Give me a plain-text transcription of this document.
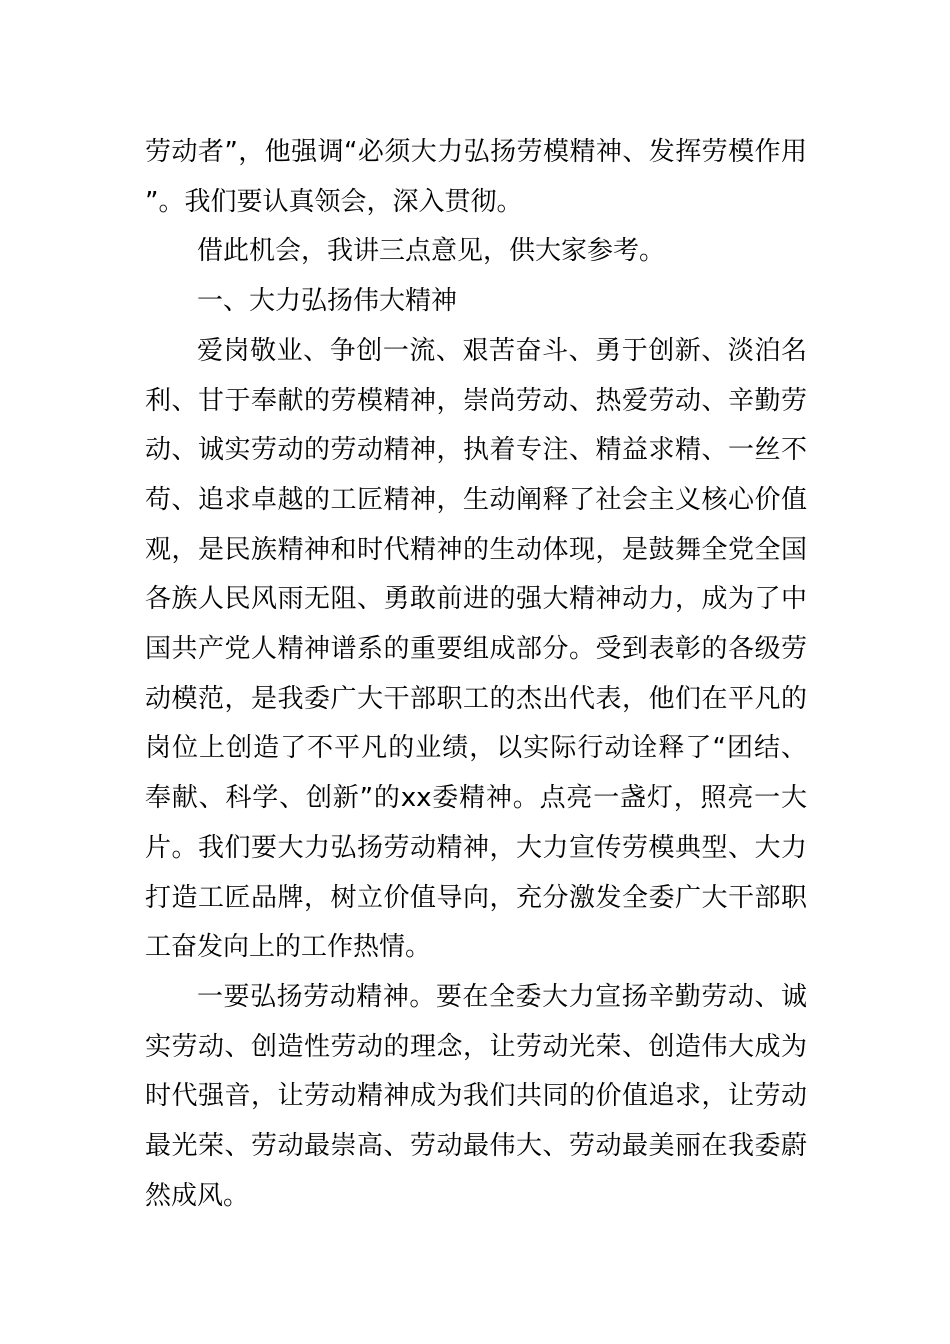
劳动者”，他强调“必须大力弘扬劳模精神、发挥劳模作用”。我们要认真领会，深入贯彻。

借此机会，我讲三点意见，供大家参考。

一、大力弘扬伟大精神

爱岗敬业、争创一流、艰苦奋斗、勇于创新、淡泊名利、甘于奉献的劳模精神，崇尚劳动、热爱劳动、辛勤劳动、诚实劳动的劳动精神，执着专注、精益求精、一丝不苟、追求卓越的工匠精神，生动阐释了社会主义核心价值观，是民族精神和时代精神的生动体现，是鼓舞全党全国各族人民风雨无阻、勇敢前进的强大精神动力，成为了中国共产党人精神谱系的重要组成部分。受到表彰的各级劳动模范，是我委广大干部职工的杰出代表，他们在平凡的岗位上创造了不平凡的业绩，以实际行动诠释了“团结、奉献、科学、创新”的xx委精神。点亮一盏灯，照亮一大片。我们要大力弘扬劳动精神，大力宣传劳模典型、大力打造工匠品牌，树立价值导向，充分激发全委广大干部职工奋发向上的工作热情。

一要弘扬劳动精神。要在全委大力宣扬辛勤劳动、诚实劳动、创造性劳动的理念，让劳动光荣、创造伟大成为时代强音，让劳动精神成为我们共同的价值追求，让劳动最光荣、劳动最崇高、劳动最伟大、劳动最美丽在我委蔚然成风。
